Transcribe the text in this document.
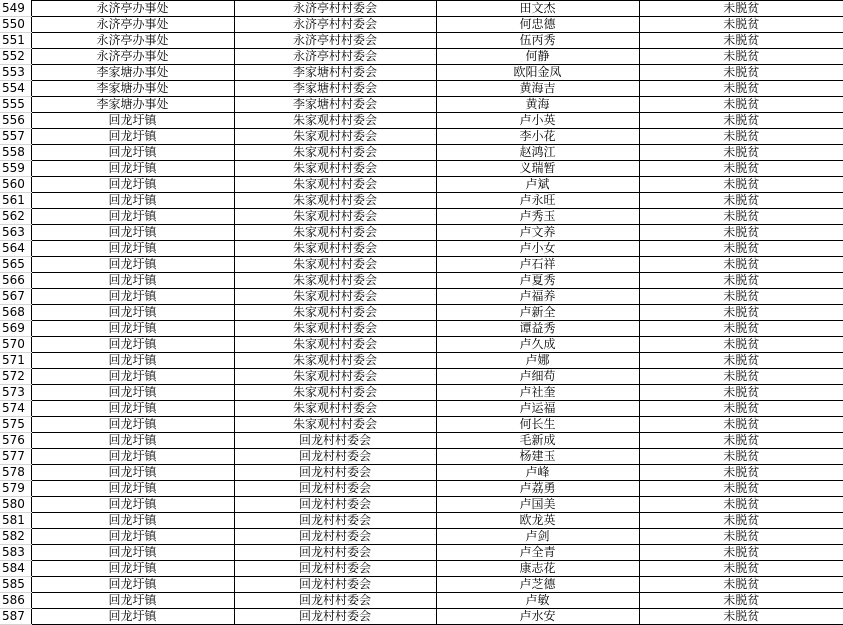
549	永济亭办事处	永济亭村村委会	田文杰	未脱贫
550	永济亭办事处	永济亭村村委会	何忠德	未脱贫
551	永济亭办事处	永济亭村村委会	伍丙秀	未脱贫
552	永济亭办事处	永济亭村村委会	何静	未脱贫
553	李家塘办事处	李家塘村村委会	欧阳金凤	未脱贫
554	李家塘办事处	李家塘村村委会	黄海吉	未脱贫
555	李家塘办事处	李家塘村村委会	黄海	未脱贫
556	回龙圩镇	朱家观村村委会	卢小英	未脱贫
557	回龙圩镇	朱家观村村委会	李小花	未脱贫
558	回龙圩镇	朱家观村村委会	赵鸿江	未脱贫
559	回龙圩镇	朱家观村村委会	义瑞暂	未脱贫
560	回龙圩镇	朱家观村村委会	卢斌	未脱贫
561	回龙圩镇	朱家观村村委会	卢永旺	未脱贫
562	回龙圩镇	朱家观村村委会	卢秀玉	未脱贫
563	回龙圩镇	朱家观村村委会	卢文养	未脱贫
564	回龙圩镇	朱家观村村委会	卢小女	未脱贫
565	回龙圩镇	朱家观村村委会	卢石祥	未脱贫
566	回龙圩镇	朱家观村村委会	卢夏秀	未脱贫
567	回龙圩镇	朱家观村村委会	卢福养	未脱贫
568	回龙圩镇	朱家观村村委会	卢新全	未脱贫
569	回龙圩镇	朱家观村村委会	谭益秀	未脱贫
570	回龙圩镇	朱家观村村委会	卢久成	未脱贫
571	回龙圩镇	朱家观村村委会	卢娜	未脱贫
572	回龙圩镇	朱家观村村委会	卢细苟	未脱贫
573	回龙圩镇	朱家观村村委会	卢社奎	未脱贫
574	回龙圩镇	朱家观村村委会	卢运福	未脱贫
575	回龙圩镇	朱家观村村委会	何长生	未脱贫
576	回龙圩镇	回龙村村委会	毛新成	未脱贫
577	回龙圩镇	回龙村村委会	杨建玉	未脱贫
578	回龙圩镇	回龙村村委会	卢峰	未脱贫
579	回龙圩镇	回龙村村委会	卢荔勇	未脱贫
580	回龙圩镇	回龙村村委会	卢国美	未脱贫
581	回龙圩镇	回龙村村委会	欧龙英	未脱贫
582	回龙圩镇	回龙村村委会	卢剑	未脱贫
583	回龙圩镇	回龙村村委会	卢全青	未脱贫
584	回龙圩镇	回龙村村委会	康志花	未脱贫
585	回龙圩镇	回龙村村委会	卢芝德	未脱贫
586	回龙圩镇	回龙村村委会	卢敏	未脱贫
587	回龙圩镇	回龙村村委会	卢水安	未脱贫
